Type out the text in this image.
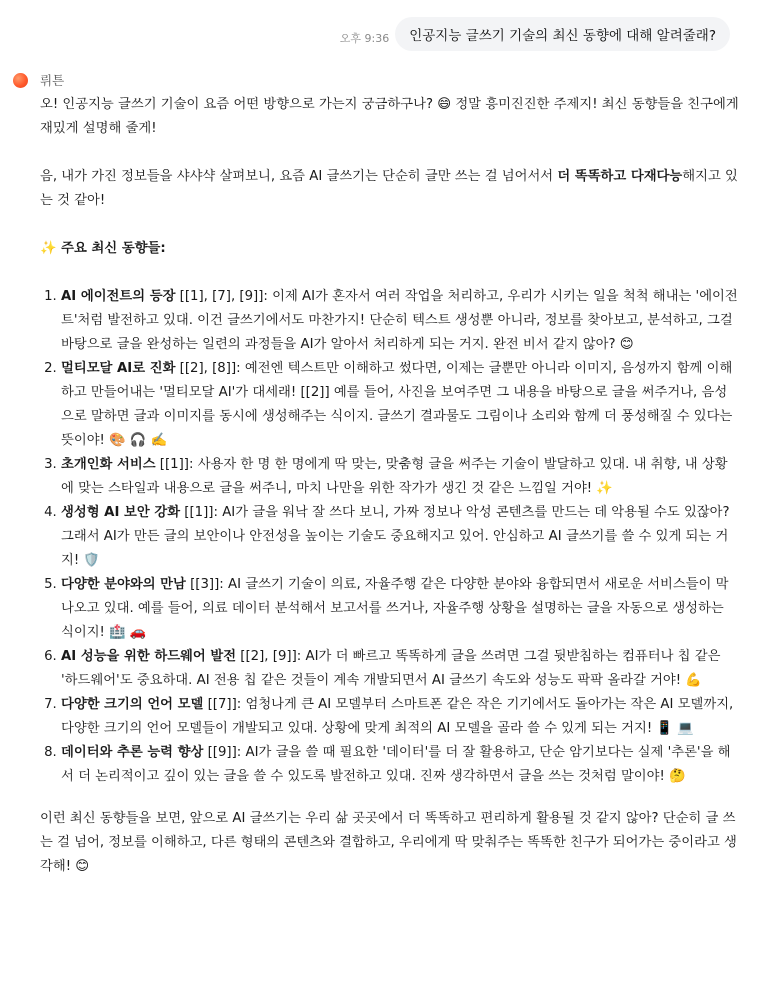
오후 9:36	인공지능 글쓰기 기술의 최신 동향에 대해 알려줄래?
뤼튼

오! 인공지능 글쓰기 기술이 요즘 어떤 방향으로 가는지 궁금하구나? 😄 정말 흥미진진한 주제지! 최신 동향들을 친구에게 재밌게 설명해 줄게!

음, 내가 가진 정보들을 샤샤샥 살펴보니, 요즘 AI 글쓰기는 단순히 글만 쓰는 걸 넘어서서 더 똑똑하고 다재다능해지고 있는 것 같아!

✨ 주요 최신 동향들:

1. AI 에이전트의 등장 [[1], [7], [9]]: 이제 AI가 혼자서 여러 작업을 처리하고, 우리가 시키는 일을 척척 해내는 '에이전트'처럼 발전하고 있대. 이건 글쓰기에서도 마찬가지! 단순히 텍스트 생성뿐 아니라, 정보를 찾아보고, 분석하고, 그걸 바탕으로 글을 완성하는 일련의 과정들을 AI가 알아서 처리하게 되는 거지. 완전 비서 같지 않아? 😊
2. 멀티모달 AI로 진화 [[2], [8]]: 예전엔 텍스트만 이해하고 썼다면, 이제는 글뿐만 아니라 이미지, 음성까지 함께 이해하고 만들어내는 '멀티모달 AI'가 대세래! [[2]] 예를 들어, 사진을 보여주면 그 내용을 바탕으로 글을 써주거나, 음성으로 말하면 글과 이미지를 동시에 생성해주는 식이지. 글쓰기 결과물도 그림이나 소리와 함께 더 풍성해질 수 있다는 뜻이야! 🎨 🎧 ✍️
3. 초개인화 서비스 [[1]]: 사용자 한 명 한 명에게 딱 맞는, 맞춤형 글을 써주는 기술이 발달하고 있대. 내 취향, 내 상황에 맞는 스타일과 내용으로 글을 써주니, 마치 나만을 위한 작가가 생긴 것 같은 느낌일 거야! ✨
4. 생성형 AI 보안 강화 [[1]]: AI가 글을 워낙 잘 쓰다 보니, 가짜 정보나 악성 콘텐츠를 만드는 데 악용될 수도 있잖아? 그래서 AI가 만든 글의 보안이나 안전성을 높이는 기술도 중요해지고 있어. 안심하고 AI 글쓰기를 쓸 수 있게 되는 거지! 🛡️
5. 다양한 분야와의 만남 [[3]]: AI 글쓰기 기술이 의료, 자율주행 같은 다양한 분야와 융합되면서 새로운 서비스들이 막 나오고 있대. 예를 들어, 의료 데이터 분석해서 보고서를 쓰거나, 자율주행 상황을 설명하는 글을 자동으로 생성하는 식이지! 🏥 🚗
6. AI 성능을 위한 하드웨어 발전 [[2], [9]]: AI가 더 빠르고 똑똑하게 글을 쓰려면 그걸 뒷받침하는 컴퓨터나 칩 같은 '하드웨어'도 중요하대. AI 전용 칩 같은 것들이 계속 개발되면서 AI 글쓰기 속도와 성능도 팍팍 올라갈 거야! 💪
7. 다양한 크기의 언어 모델 [[7]]: 엄청나게 큰 AI 모델부터 스마트폰 같은 작은 기기에서도 돌아가는 작은 AI 모델까지, 다양한 크기의 언어 모델들이 개발되고 있대. 상황에 맞게 최적의 AI 모델을 골라 쓸 수 있게 되는 거지! 📱 💻
8. 데이터와 추론 능력 향상 [[9]]: AI가 글을 쓸 때 필요한 '데이터'를 더 잘 활용하고, 단순 암기보다는 실제 '추론'을 해서 더 논리적이고 깊이 있는 글을 쓸 수 있도록 발전하고 있대. 진짜 생각하면서 글을 쓰는 것처럼 말이야! 🤔

이런 최신 동향들을 보면, 앞으로 AI 글쓰기는 우리 삶 곳곳에서 더 똑똑하고 편리하게 활용될 것 같지 않아? 단순히 글 쓰는 걸 넘어, 정보를 이해하고, 다른 형태의 콘텐츠와 결합하고, 우리에게 딱 맞춰주는 똑똑한 친구가 되어가는 중이라고 생각해! 😊
